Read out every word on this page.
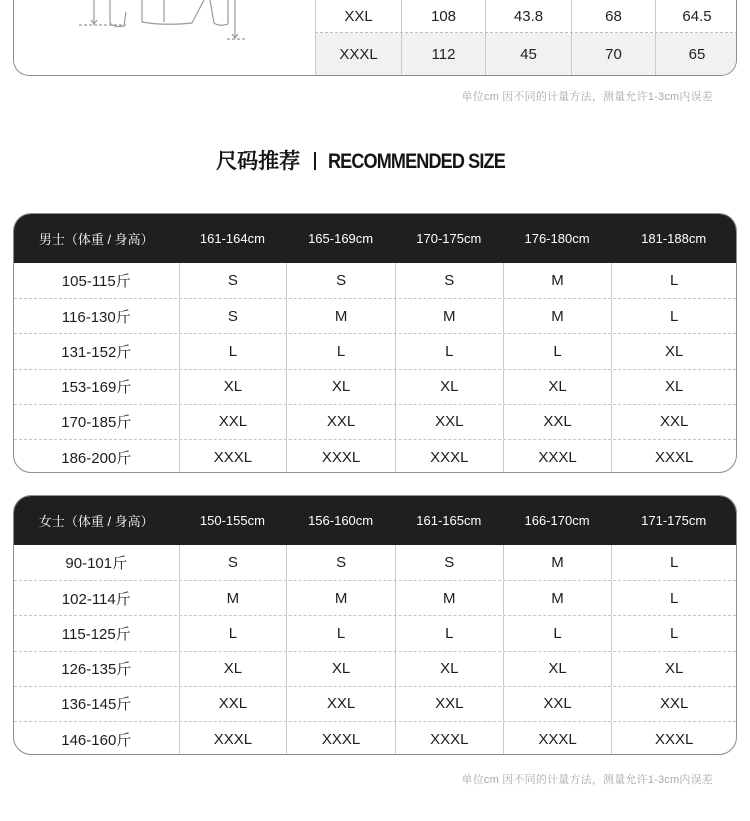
XXL	108	43.8	68	64.5
XXXL	112	45	70	65
单位cm 因不同的计量方法，测量允许1-3cm内误差
尺码推荐 RECOMMENDED SIZE
男士（体重 / 身高）	161-164cm	165-169cm	170-175cm	176-180cm	181-188cm
105-115斤	S	S	S	M	L
116-130斤	S	M	M	M	L
131-152斤	L	L	L	L	XL
153-169斤	XL	XL	XL	XL	XL
170-185斤	XXL	XXL	XXL	XXL	XXL
186-200斤	XXXL	XXXL	XXXL	XXXL	XXXL
女士（体重 / 身高）	150-155cm	156-160cm	161-165cm	166-170cm	171-175cm
90-101斤	S	S	S	M	L
102-114斤	M	M	M	M	L
115-125斤	L	L	L	L	L
126-135斤	XL	XL	XL	XL	XL
136-145斤	XXL	XXL	XXL	XXL	XXL
146-160斤	XXXL	XXXL	XXXL	XXXL	XXXL
单位cm 因不同的计量方法，测量允许1-3cm内误差
